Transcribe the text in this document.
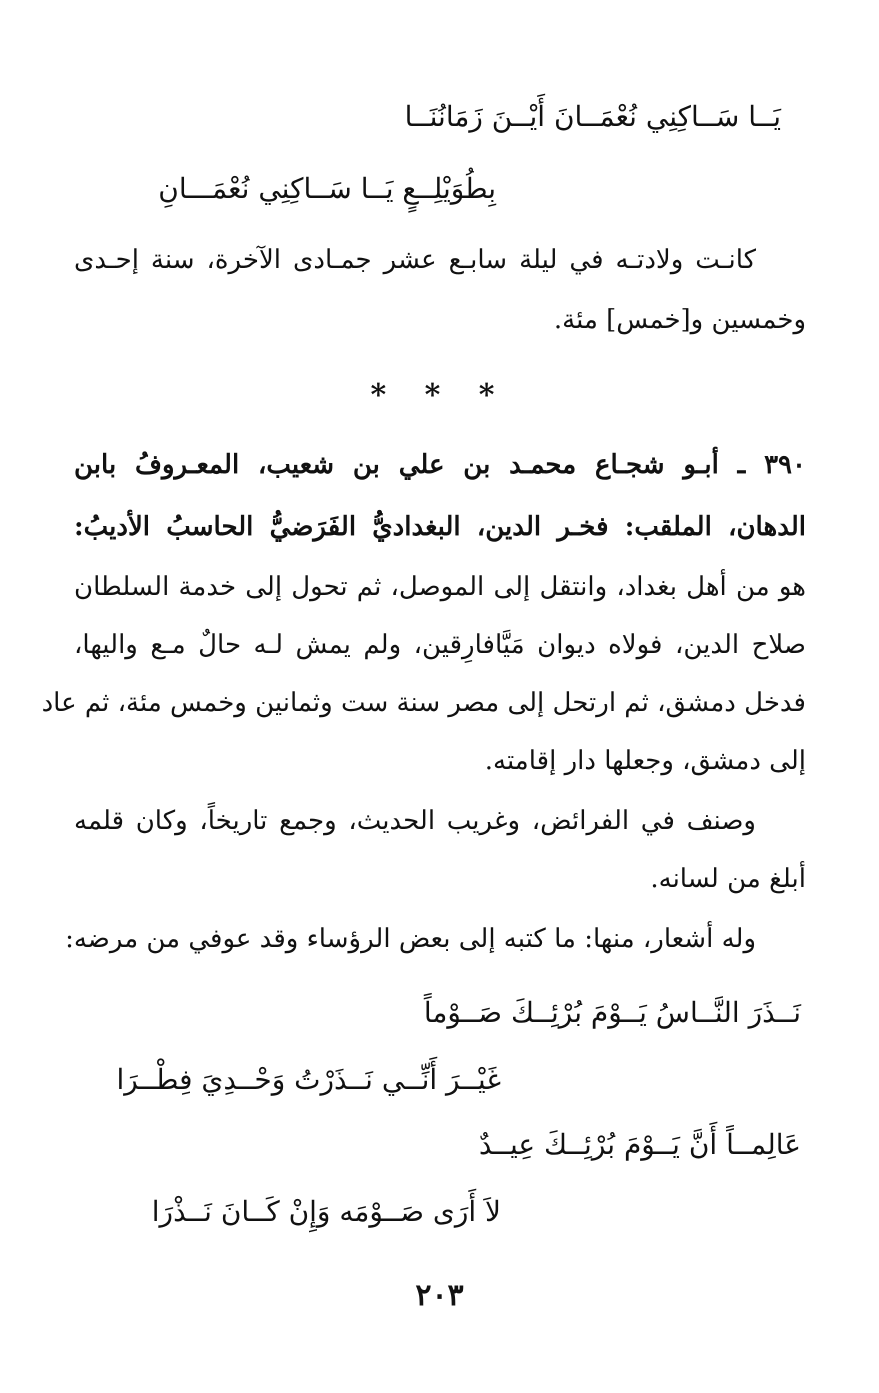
يَــا سَــاكِنِي نُعْمَــانَ أَيْــنَ زَمَانُنَــا
بِطُوَيْلِــعٍ يَــا سَــاكِنِي نُعْمَـــانِ
كانـت ولادتـه في ليلة سابـع عشر جمـادى الآخرة، سنة إحـدى
وخمسين و[خمس] مئة.
* * *
٣٩٠ ـ أبـو شجـاع محمـد بن علي بن شعيب، المعـروفُ بابن
الدهان، الملقب: فخـر الدين، البغداديُّ الفَرَضيُّ الحاسبُ الأديبُ:
هو من أهل بغداد، وانتقل إلى الموصل، ثم تحول إلى خدمة السلطان
صلاح الدين، فولاه ديوان مَيَّافارِقين، ولم يمش لـه حالٌ مـع واليها،
فدخل دمشق، ثم ارتحل إلى مصر سنة ست وثمانين وخمس مئة، ثم عاد
إلى دمشق، وجعلها دار إقامته.
وصنف في الفرائض، وغريب الحديث، وجمع تاريخاً، وكان قلمه
أبلغ من لسانه.
وله أشعار، منها: ما كتبه إلى بعض الرؤساء وقد عوفي من مرضه:
نَــذَرَ النَّــاسُ يَــوْمَ بُرْئِــكَ صَــوْماً
غَيْــرَ أَنِّــي نَــذَرْتُ وَحْــدِيَ فِطْــرَا
عَالِمــاً أَنَّ يَــوْمَ بُرْئِــكَ عِيــدٌ
لاَ أَرَى صَــوْمَه وَإِنْ كَــانَ نَــذْرَا
٢٠٣
